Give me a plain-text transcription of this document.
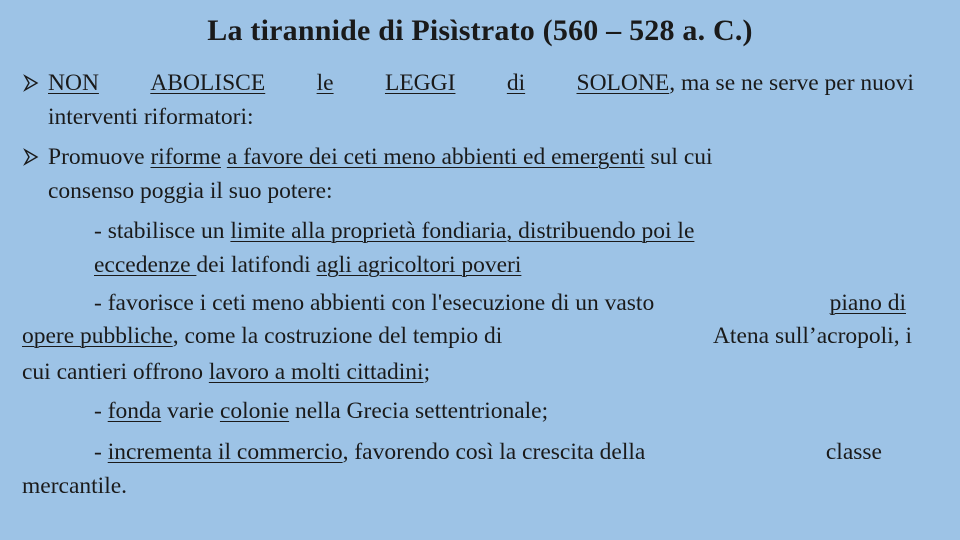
La tirannide di Pisìstrato (560 – 528 a. C.)
NON ABOLISCE le LEGGI di SOLONE, ma se ne serve per nuovi
interventi riformatori:
Promuove riforme a favore dei ceti meno abbienti ed emergenti sul cui
consenso poggia il suo potere:
- stabilisce un limite alla proprietà fondiaria, distribuendo poi le
eccedenze dei latifondi agli agricoltori poveri
- favorisce i ceti meno abbienti con l'esecuzione di un vasto	piano di
opere pubbliche, come la costruzione del tempio di	Atena sull’acropoli, i
cui cantieri offrono lavoro a molti cittadini;
- fonda varie colonie nella Grecia settentrionale;
- incrementa il commercio, favorendo così la crescita della	classe
mercantile.
